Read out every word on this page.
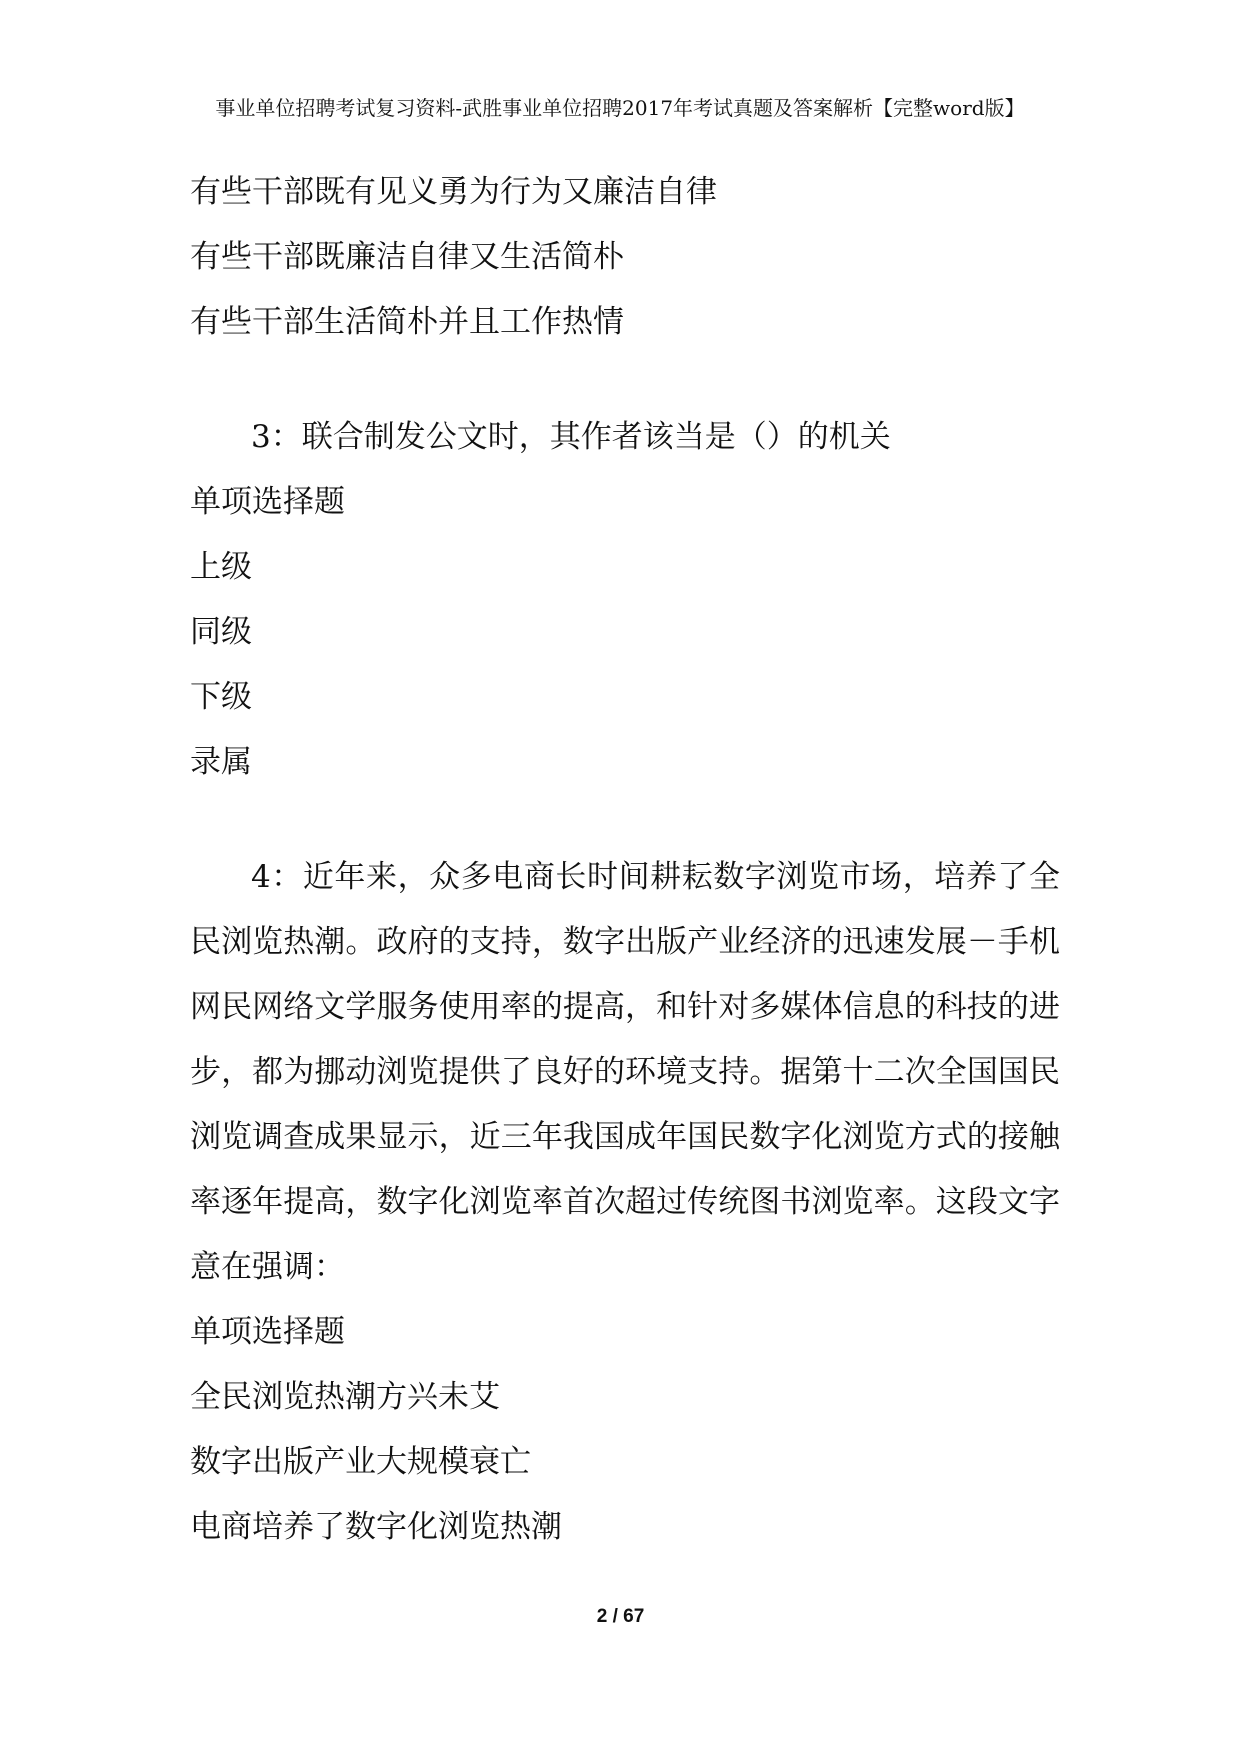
事业单位招聘考试复习资料-武胜事业单位招聘2017年考试真题及答案解析【完整word版】
有些干部既有见义勇为行为又廉洁自律
有些干部既廉洁自律又生活简朴
有些干部生活简朴并且工作热情
3：联合制发公文时，其作者该当是（）的机关
单项选择题
上级
同级
下级
录属

4：近年来，众多电商长时间耕耘数字浏览市场，培养了全民浏览热潮。政府的支持，数字出版产业经济的迅速发展－手机网民网络文学服务使用率的提高，和针对多媒体信息的科技的进步，都为挪动浏览提供了良好的环境支持。据第十二次全国国民浏览调查成果显示，近三年我国成年国民数字化浏览方式的接触率逐年提高，数字化浏览率首次超过传统图书浏览率。这段文字意在强调：

单项选择题
全民浏览热潮方兴未艾
数字出版产业大规模衰亡
电商培养了数字化浏览热潮
2 / 67
